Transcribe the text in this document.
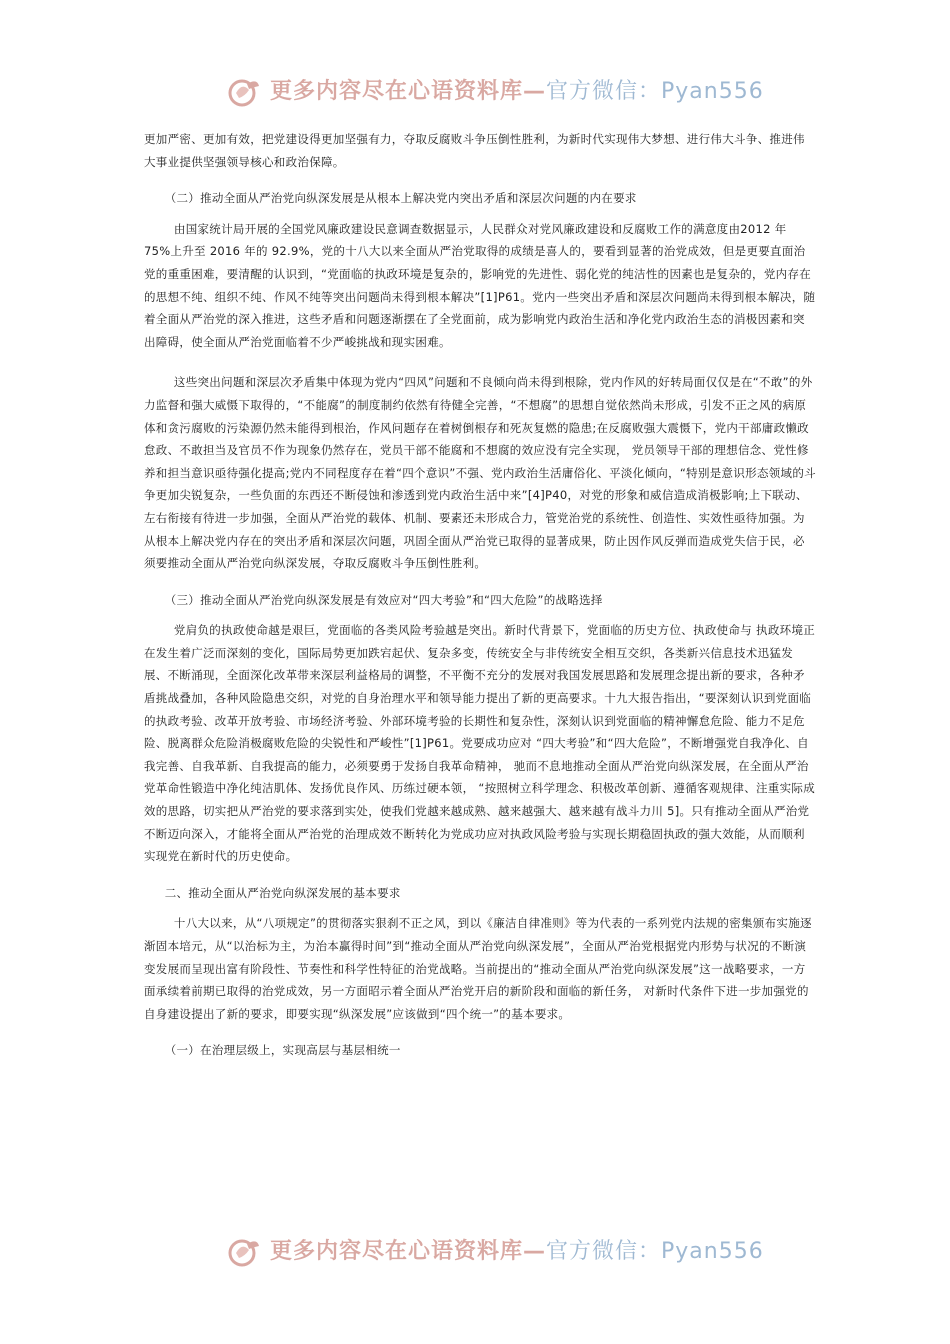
更多内容尽在心语资料库—官方微信：Pyan556

更加严密、更加有效，把党建设得更加坚强有力，夺取反腐败斗争压倒性胜利，为新时代实现伟大梦想、进行伟大斗争、推进伟大事业提供坚强领导核心和政治保障。

（二）推动全面从严治党向纵深发展是从根本上解决党内突出矛盾和深层次问题的内在要求

由国家统计局开展的全国党风廉政建设民意调查数据显示，人民群众对党风廉政建设和反腐败工作的满意度由2012 年 75%上升至 2016 年的 92.9%，党的十八大以来全面从严治党取得的成绩是喜人的，要看到显著的治党成效，但是更要直面治党的重重困难，要清醒的认识到，“党面临的执政环境是复杂的，影响党的先进性、弱化党的纯洁性的因素也是复杂的，党内存在的思想不纯、组织不纯、作风不纯等突出问题尚未得到根本解决”[1]P61。党内一些突出矛盾和深层次问题尚未得到根本解决，随着全面从严治党的深入推进，这些矛盾和问题逐渐摆在了全党面前，成为影响党内政治生活和净化党内政治生态的消极因素和突出障碍，使全面从严治党面临着不少严峻挑战和现实困难。

这些突出问题和深层次矛盾集中体现为党内“四风”问题和不良倾向尚未得到根除，党内作风的好转局面仅仅是在“不敢”的外力监督和强大威慑下取得的，“不能腐”的制度制约依然有待健全完善，“不想腐”的思想自觉依然尚未形成，引发不正之风的病原体和贪污腐败的污染源仍然未能得到根治，作风问题存在着树倒根存和死灰复燃的隐患;在反腐败强大震慑下，党内干部庸政懒政怠政、不敢担当及官员不作为现象仍然存在，党员干部不能腐和不想腐的效应没有完全实现， 党员领导干部的理想信念、党性修养和担当意识亟待强化提高;党内不同程度存在着“四个意识”不强、党内政治生活庸俗化、平淡化倾向，“特别是意识形态领域的斗争更加尖锐复杂，一些负面的东西还不断侵蚀和渗透到党内政治生活中来”[4]P40，对党的形象和威信造成消极影响;上下联动、左右衔接有待进一步加强，全面从严治党的载体、机制、要素还未形成合力，管党治党的系统性、创造性、实效性亟待加强。为从根本上解决党内存在的突出矛盾和深层次问题，巩固全面从严治党已取得的显著成果，防止因作风反弹而造成党失信于民，必须要推动全面从严治党向纵深发展，夺取反腐败斗争压倒性胜利。

（三）推动全面从严治党向纵深发展是有效应对“四大考验”和“四大危险”的战略选择

党肩负的执政使命越是艰巨，党面临的各类风险考验越是突出。新时代背景下，党面临的历史方位、执政使命与 执政环境正在发生着广泛而深刻的变化，国际局势更加跌宕起伏、复杂多变，传统安全与非传统安全相互交织，各类新兴信息技术迅猛发展、不断涌现，全面深化改革带来深层利益格局的调整，不平衡不充分的发展对我国发展思路和发展理念提出新的要求，各种矛盾挑战叠加，各种风险隐患交织，对党的自身治理水平和领导能力提出了新的更高要求。十九大报告指出，“要深刻认识到党面临的执政考验、改革开放考验、市场经济考验、外部环境考验的长期性和复杂性，深刻认识到党面临的精神懈怠危险、能力不足危险、脱离群众危险消极腐败危险的尖锐性和严峻性”[1]P61。党要成功应对 “四大考验”和“四大危险”，不断增强党自我净化、自我完善、自我革新、自我提高的能力，必须要勇于发扬自我革命精神， 驰而不息地推动全面从严治党向纵深发展，在全面从严治党革命性锻造中净化纯洁肌体、发扬优良作风、历练过硬本领， “按照树立科学理念、积极改革创新、遵循客观规律、注重实际成效的思路，切实把从严治党的要求落到实处，使我们党越来越成熟、越来越强大、越来越有战斗力川 5]。只有推动全面从严治党不断迈向深入，才能将全面从严治党的治理成效不断转化为党成功应对执政风险考验与实现长期稳固执政的强大效能，从而顺利实现党在新时代的历史使命。

二、推动全面从严治党向纵深发展的基本要求

十八大以来，从“八项规定”的贯彻落实狠刹不正之风，到以《廉洁自律准则》等为代表的一系列党内法规的密集颁布实施逐渐固本培元，从“以治标为主，为治本赢得时间”到“推动全面从严治党向纵深发展”，全面从严治党根据党内形势与状况的不断演变发展而呈现出富有阶段性、节奏性和科学性特征的治党战略。当前提出的“推动全面从严治党向纵深发展”这一战略要求，一方面承续着前期已取得的治党成效，另一方面昭示着全面从严治党开启的新阶段和面临的新任务， 对新时代条件下进一步加强党的自身建设提出了新的要求，即要实现“纵深发展”应该做到“四个统一”的基本要求。

（一）在治理层级上，实现高层与基层相统一

更多内容尽在心语资料库—官方微信：Pyan556
